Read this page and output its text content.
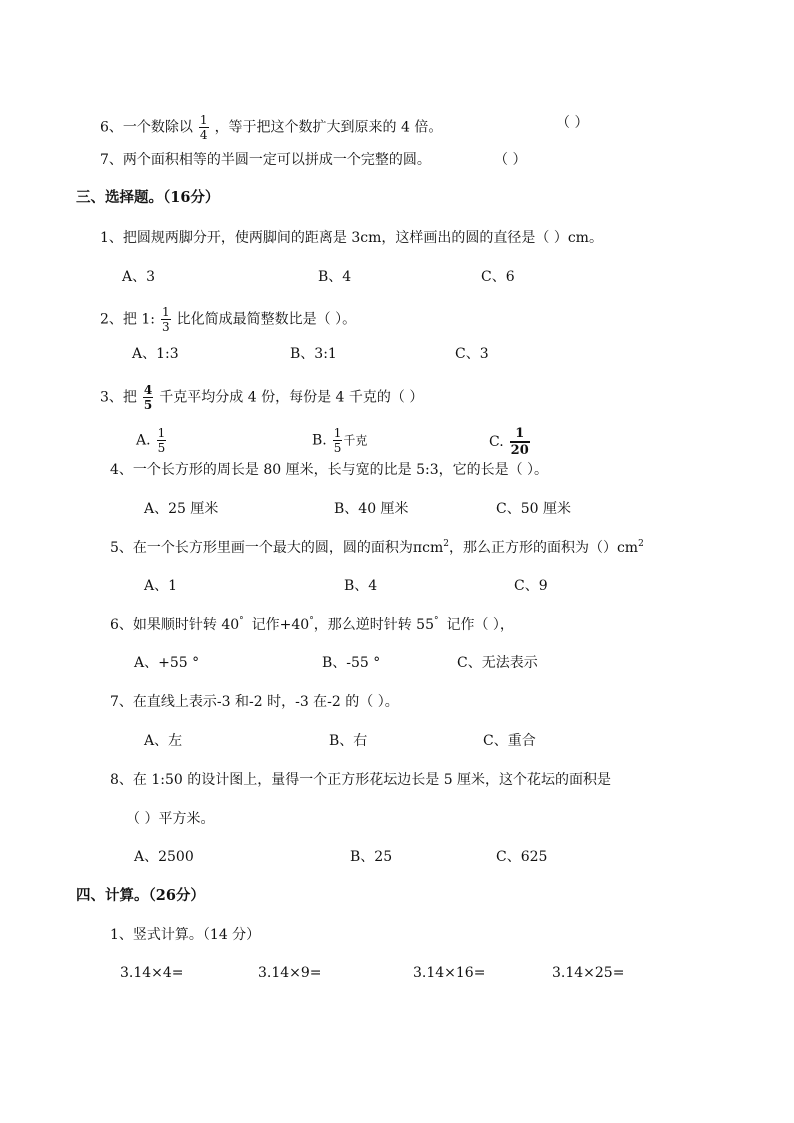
6、一个数除以 $\frac{1}{4}$ ，等于把这个数扩大到原来的 4 倍。	（ ）
7、两个面积相等的半圆一定可以拼成一个完整的圆。	（ ）
三、选择题。（16分）
1、把圆规两脚分开，使两脚间的距离是 3cm，这样画出的圆的直径是（ ）cm。
A、3	B、4	C、6
2、把 1: $\frac{1}{3}$ 比化简成最简整数比是（ ）。
A、1:3	B、3:1	C、3
3、把 $\frac{4}{5}$ 千克平均分成 4 份，每份是 4 千克的（ ）
A. $\frac{1}{5}$	B. $\frac{1}{5}$ 千克	C. $\frac{1}{20}$
4、一个长方形的周长是 80 厘米，长与宽的比是 5:3，它的长是（ ）。
A、25 厘米	B、40 厘米	C、50 厘米
5、在一个长方形里画一个最大的圆，圆的面积为πcm$^2$，那么正方形的面积为$()cm^2$
A、1	B、4	C、9
6、如果顺时针转 40° 记作+40°，那么逆时针转 55° 记作（ ），
A、+55 °	B、-55 °	C、无法表示
7、在直线上表示-3 和-2 时，-3 在-2 的（ ）。
A、左	B、右	C、重合
8、在 1:50 的设计图上，量得一个正方形花坛边长是 5 厘米，这个花坛的面积是
（ ）平方米。
A、2500	B、25	C、625
四、计算。（26分）
1、竖式计算。（14 分）
3.14×4=	3.14×9=	3.14×16=	3.14×25=
